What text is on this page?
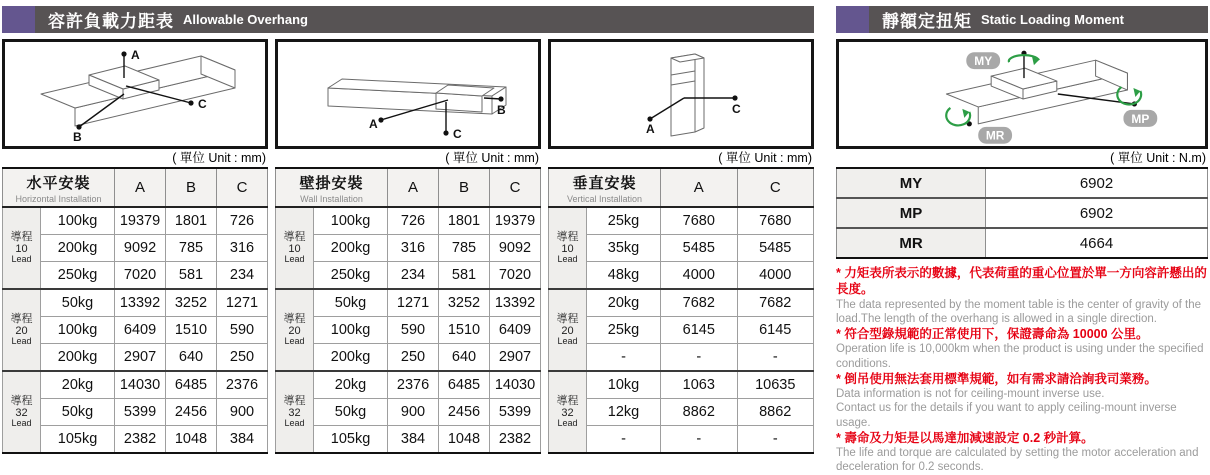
容許負載力距表 Allowable Overhang
A
C
B
( 單位 Unit : mm)
水平安裝
Horizontal Installation		A	B	C

導程
10
Lead	100kg	19379	1801	726
	200kg	9092	785	316
	250kg	7020	581	234

導程
20
Lead	50kg	13392	3252	1271
	100kg	6409	1510	590
	200kg	2907	640	250

導程
32
Lead	20kg	14030	6485	2376
	50kg	5399	2456	900
	105kg	2382	1048	384
A
B
C
( 單位 Unit : mm)
壁掛安裝
Wall Installation		A	B	C

導程
10
Lead	100kg	726	1801	19379
	200kg	316	785	9092
	250kg	234	581	7020

導程
20
Lead	50kg	1271	3252	13392
	100kg	590	1510	6409
	200kg	250	640	2907

導程
32
Lead	20kg	2376	6485	14030
	50kg	900	2456	5399
	105kg	384	1048	2382
A
C
( 單位 Unit : mm)
垂直安裝
Vertical Installation		A	C

導程
10
Lead	25kg	7680	7680
	35kg	5485	5485
	48kg	4000	4000

導程
20
Lead	20kg	7682	7682
	25kg	6145	6145
	-	-	-

導程
32
Lead	10kg	1063	10635
	12kg	8862	8862
	-	-	-
靜額定扭矩 Static Loading Moment
MY
MP
MR
( 單位 Unit : N.m)
MY	6902
MP	6902
MR	4664
* 力矩表所表示的數據，代表荷重的重心位置於單一方向容許懸出的長度。
The data represented by the moment table is the center of gravity of the load.The length of the overhang is allowed in a single direction.
* 符合型錄規範的正常使用下，保證壽命為 10000 公里。
Operation life is 10,000km when the product is using under the specified conditions.
* 倒吊使用無法套用標準規範，如有需求請洽詢我司業務。
Data information is not for ceiling-mount inverse use.
Contact us for the details if you want to apply ceiling-mount inverse usage.
* 壽命及力矩是以馬達加減速設定 0.2 秒計算。
The life and torque are calculated by setting the motor acceleration and deceleration for 0.2 seconds.
